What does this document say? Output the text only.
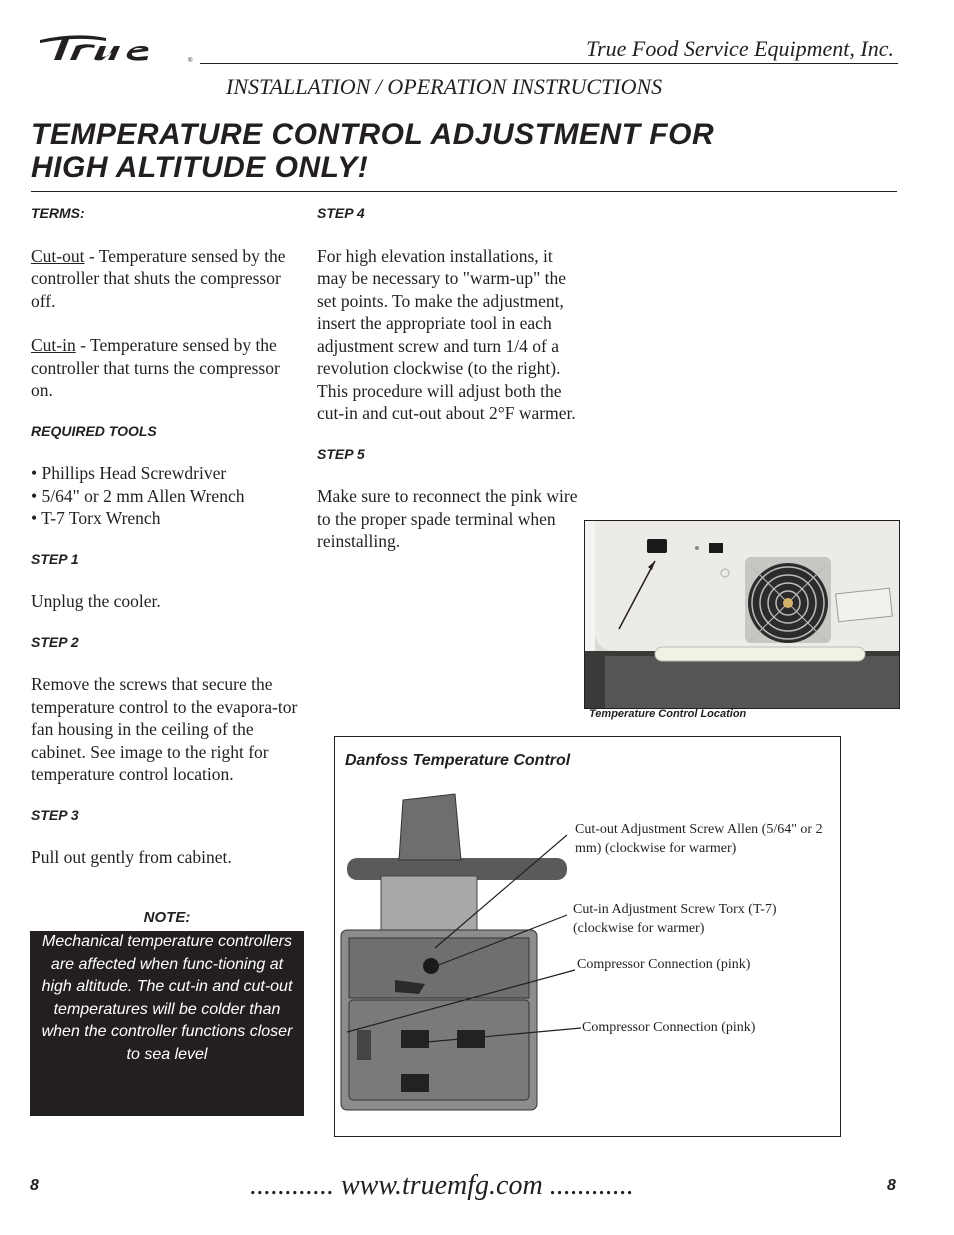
®	True Food Service Equipment, Inc.
INSTALLATION / OPERATION INSTRUCTIONS
TEMPERATURE CONTROL ADJUSTMENT FOR
HIGH ALTITUDE ONLY!

TERMS:

Cut-out - Temperature sensed by the controller that shuts the compressor off.

Cut-in - Temperature sensed by the controller that turns the compressor on.

REQUIRED TOOLS

• Phillips Head Screwdriver

• 5/64" or 2 mm Allen Wrench

• T-7 Torx Wrench

STEP 1

Unplug the cooler.

STEP 2

Remove the screws that secure the temperature control to the evapora-tor fan housing in the ceiling of the cabinet. See image to the right for temperature control location.

STEP 3

Pull out gently from cabinet.

NOTE:
Mechanical temperature controllers are affected when func-tioning at high altitude. The cut-in and cut-out temperatures will be colder than when the controller functions closer to sea level

STEP 4

For high elevation installations, it may be necessary to "warm-up" the set points. To make the adjustment, insert the appropriate tool in each adjustment screw and turn 1/4 of a revolution clockwise (to the right). This procedure will adjust both the cut-in and cut-out about 2°F warmer.

STEP 5

Make sure to reconnect the pink wire to the proper spade terminal when reinstalling.

Temperature Control Location
Danfoss Temperature Control
Cut-out Adjustment Screw Allen (5/64" or 2 mm) (clockwise for warmer)
Cut-in Adjustment Screw Torx (T-7) (clockwise for warmer)
Compressor Connection (pink)
Compressor Connection (pink)
8	............ www.truemfg.com ............	8
